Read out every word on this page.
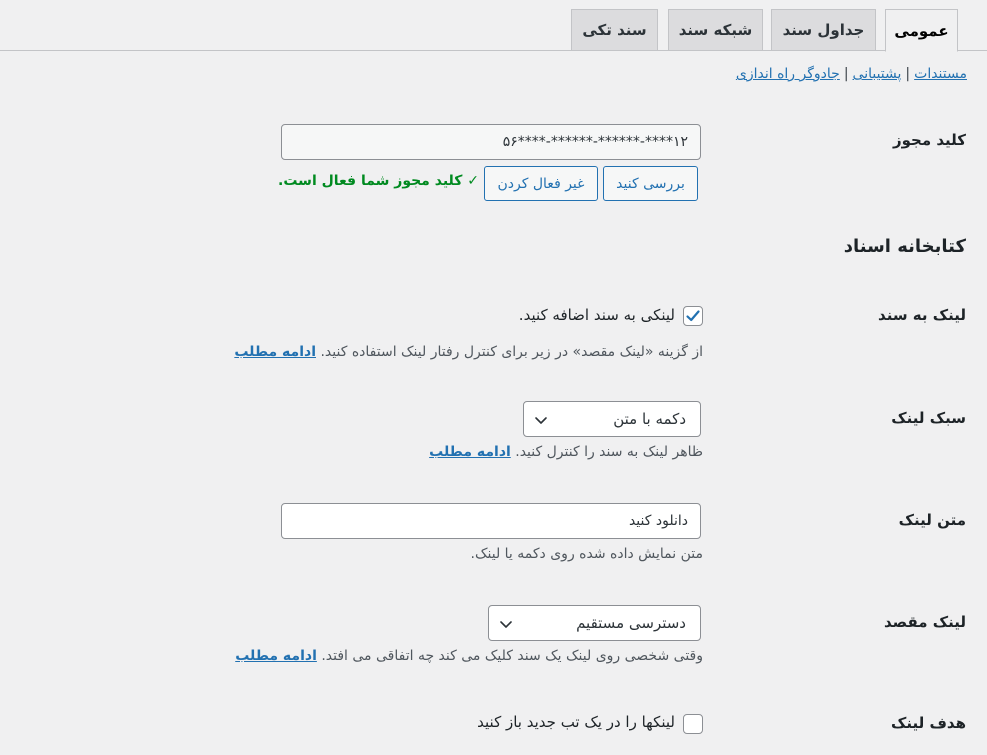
عمومی
جداول سند
شبکه سند
سند تکی
مستندات|پشتیبانی|جادوگر راه اندازی
کلید مجوز
۱۲****-******-******-****۵۶
بررسی کنید
غیر فعال کردن
✓ کلید مجوز شما فعال است.
کتابخانه اسناد
لینک به سند
لینکی به سند اضافه کنید.
از گزینه «لینک مقصد» در زیر برای کنترل رفتار لینک استفاده کنید. ادامه مطلب
سبک لینک
دکمه با متن
ظاهر لینک به سند را کنترل کنید. ادامه مطلب
متن لینک
دانلود کنید
متن نمایش داده شده روی دکمه یا لینک.
لینک مقصد
دسترسی مستقیم
وقتی شخصی روی لینک یک سند کلیک می کند چه اتفاقی می افتد. ادامه مطلب
هدف لینک
لینکها را در یک تب جدید باز کنید
